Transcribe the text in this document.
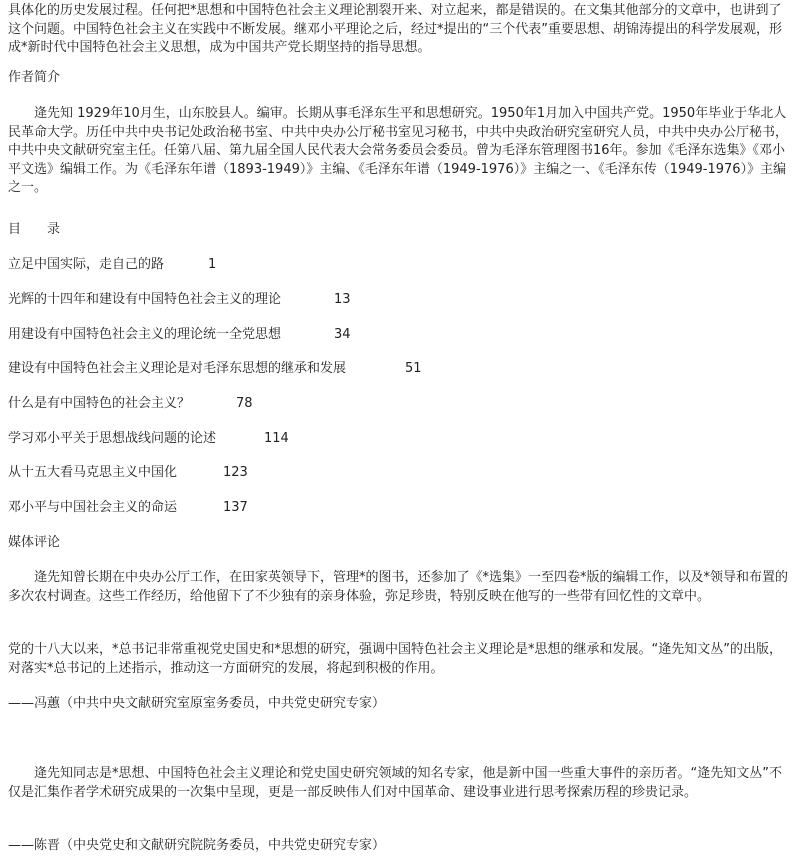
具体化的历史发展过程。任何把*思想和中国特色社会主义理论割裂开来、对立起来，都是错误的。在文集其他部分的文章中，也讲到了这个问题。中国特色社会主义在实践中不断发展。继邓小平理论之后，经过*提出的“三个代表”重要思想、胡锦涛提出的科学发展观，形成*新时代中国特色社会主义思想，成为中国共产党长期坚持的指导思想。

作者简介

逄先知 1929年10月生，山东胶县人。编审。长期从事毛泽东生平和思想研究。1950年1月加入中国共产党。1950年毕业于华北人民革命大学。历任中共中央书记处政治秘书室、中共中央办公厅秘书室见习秘书，中共中央政治研究室研究人员，中共中央办公厅秘书，中共中央文献研究室主任。任第八届、第九届全国人民代表大会常务委员会委员。曾为毛泽东管理图书16年。参加《毛泽东选集》《邓小平文选》编辑工作。为《毛泽东年谱（1893-1949）》主编、《毛泽东年谱（1949-1976）》主编之一、《毛泽东传（1949-1976）》主编之一。

目　　录
立足中国实际，走自己的路	1
光辉的十四年和建设有中国特色社会主义的理论	13
用建设有中国特色社会主义的理论统一全党思想	34
建设有中国特色社会主义理论是对毛泽东思想的继承和发展	51
什么是有中国特色的社会主义？	78
学习邓小平关于思想战线问题的论述	114
从十五大看马克思主义中国化	123
邓小平与中国社会主义的命运	137
媒体评论

逄先知曾长期在中央办公厅工作，在田家英领导下，管理*的图书，还参加了《*选集》一至四卷*版的编辑工作，以及*领导和布置的多次农村调查。这些工作经历，给他留下了不少独有的亲身体验，弥足珍贵，特别反映在他写的一些带有回忆性的文章中。

党的十八大以来，*总书记非常重视党史国史和*思想的研究，强调中国特色社会主义理论是*思想的继承和发展。“逄先知文丛”的出版，对落实*总书记的上述指示，推动这一方面研究的发展，将起到积极的作用。

——冯蕙（中共中央文献研究室原室务委员，中共党史研究专家）

逄先知同志是*思想、中国特色社会主义理论和党史国史研究领域的知名专家，他是新中国一些重大事件的亲历者。“逄先知文丛”不仅是汇集作者学术研究成果的一次集中呈现，更是一部反映伟人们对中国革命、建设事业进行思考探索历程的珍贵记录。

——陈晋（中央党史和文献研究院院务委员，中共党史研究专家）
